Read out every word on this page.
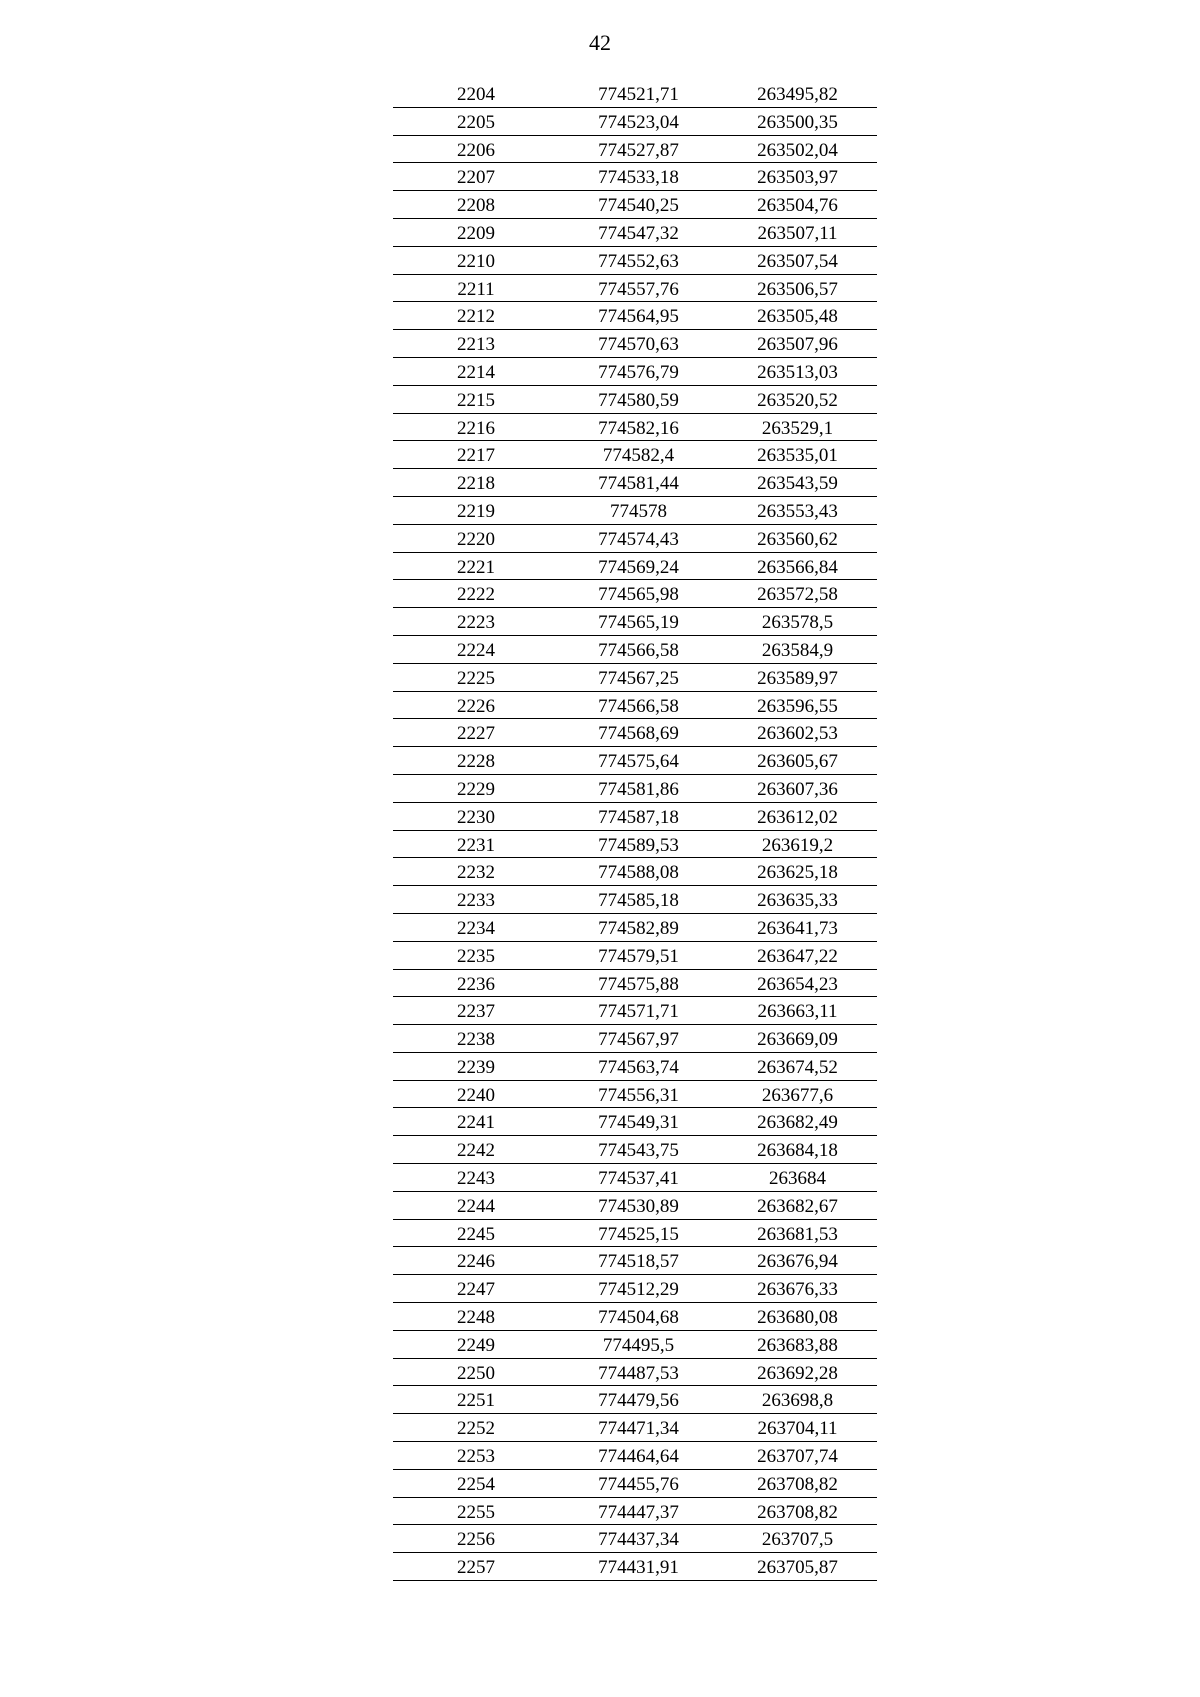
42
2204	774521,71	263495,82
2205	774523,04	263500,35
2206	774527,87	263502,04
2207	774533,18	263503,97
2208	774540,25	263504,76
2209	774547,32	263507,11
2210	774552,63	263507,54
2211	774557,76	263506,57
2212	774564,95	263505,48
2213	774570,63	263507,96
2214	774576,79	263513,03
2215	774580,59	263520,52
2216	774582,16	263529,1
2217	774582,4	263535,01
2218	774581,44	263543,59
2219	774578	263553,43
2220	774574,43	263560,62
2221	774569,24	263566,84
2222	774565,98	263572,58
2223	774565,19	263578,5
2224	774566,58	263584,9
2225	774567,25	263589,97
2226	774566,58	263596,55
2227	774568,69	263602,53
2228	774575,64	263605,67
2229	774581,86	263607,36
2230	774587,18	263612,02
2231	774589,53	263619,2
2232	774588,08	263625,18
2233	774585,18	263635,33
2234	774582,89	263641,73
2235	774579,51	263647,22
2236	774575,88	263654,23
2237	774571,71	263663,11
2238	774567,97	263669,09
2239	774563,74	263674,52
2240	774556,31	263677,6
2241	774549,31	263682,49
2242	774543,75	263684,18
2243	774537,41	263684
2244	774530,89	263682,67
2245	774525,15	263681,53
2246	774518,57	263676,94
2247	774512,29	263676,33
2248	774504,68	263680,08
2249	774495,5	263683,88
2250	774487,53	263692,28
2251	774479,56	263698,8
2252	774471,34	263704,11
2253	774464,64	263707,74
2254	774455,76	263708,82
2255	774447,37	263708,82
2256	774437,34	263707,5
2257	774431,91	263705,87
